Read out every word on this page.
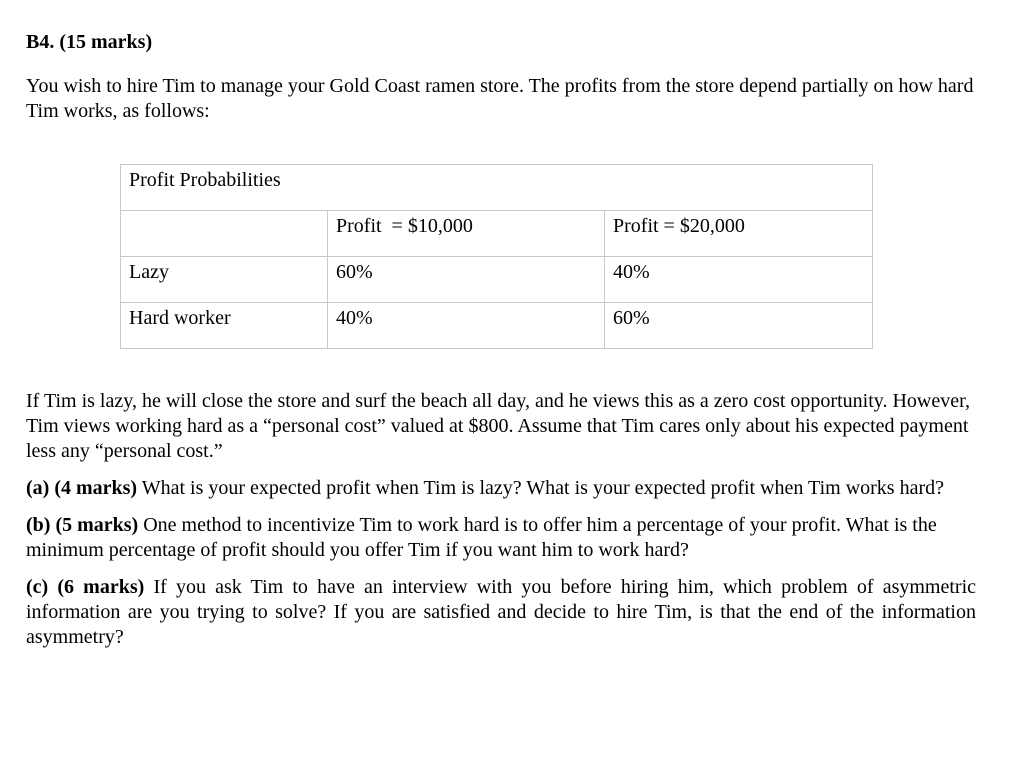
B4. (15 marks)

You wish to hire Tim to manage your Gold Coast ramen store. The profits from the store depend partially on how hard Tim works, as follows:

Profit Probabilities		
	Profit  = $10,000	Profit = $20,000
Lazy	60%	40%
Hard worker	40%	60%

If Tim is lazy, he will close the store and surf the beach all day, and he views this as a zero cost opportunity. However, Tim views working hard as a “personal cost” valued at $800. Assume that Tim cares only about his expected payment less any “personal cost.”

(a) (4 marks) What is your expected profit when Tim is lazy? What is your expected profit when Tim works hard?

(b) (5 marks) One method to incentivize Tim to work hard is to offer him a percentage of your profit. What is the minimum percentage of profit should you offer Tim if you want him to work hard?

(c) (6 marks) If you ask Tim to have an interview with you before hiring him, which problem of asymmetric information are you trying to solve? If you are satisfied and decide to hire Tim, is that the end of the information asymmetry?
